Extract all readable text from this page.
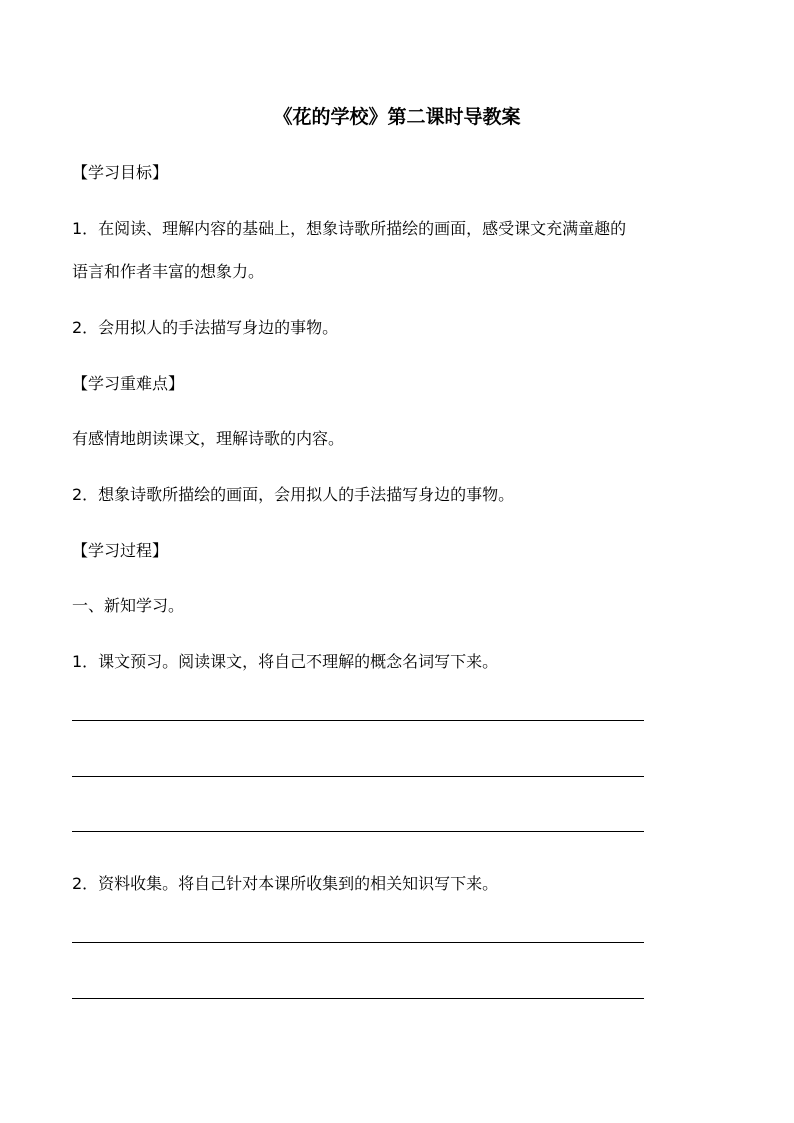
《花的学校》第二课时导教案
【学习目标】
1．在阅读、理解内容的基础上，想象诗歌所描绘的画面，感受课文充满童趣的
语言和作者丰富的想象力。
2．会用拟人的手法描写身边的事物。
【学习重难点】
有感情地朗读课文，理解诗歌的内容。
2．想象诗歌所描绘的画面，会用拟人的手法描写身边的事物。
【学习过程】
一、新知学习。
1．课文预习。阅读课文，将自己不理解的概念名词写下来。
2．资料收集。将自己针对本课所收集到的相关知识写下来。
